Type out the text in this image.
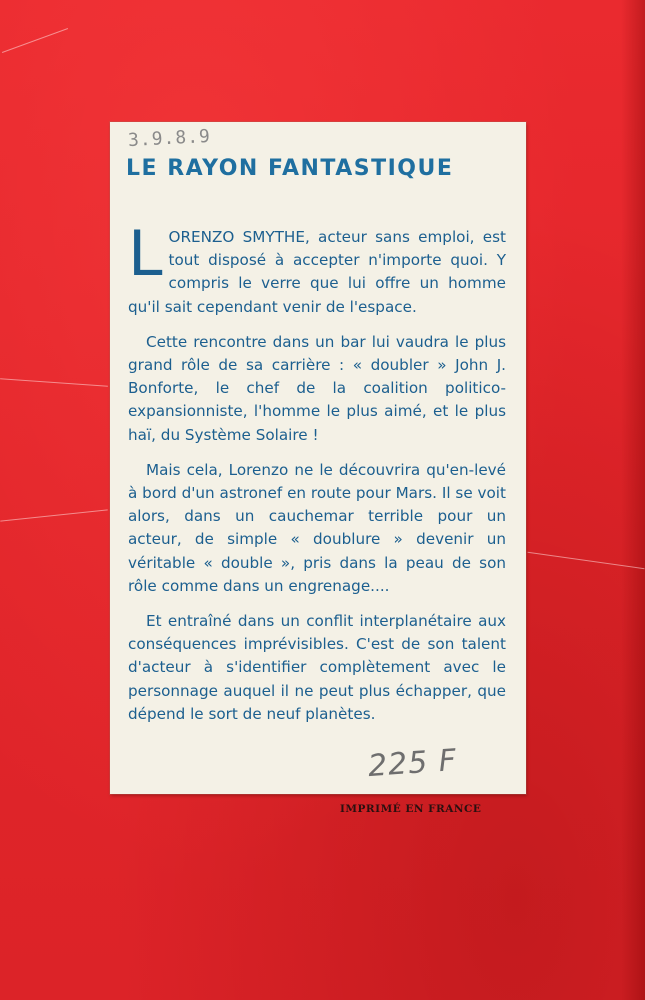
3.9.8.9
LE RAYON FANTASTIQUE

LORENZO SMYTHE, acteur sans emploi, est tout disposé à accepter n'importe quoi. Y compris le verre que lui offre un homme qu'il sait cependant venir de l'espace.

Cette rencontre dans un bar lui vaudra le plus grand rôle de sa carrière : « doubler » John J. Bonforte, le chef de la coalition politico-expansionniste, l'homme le plus aimé, et le plus haï, du Système Solaire !

Mais cela, Lorenzo ne le découvrira qu'en-levé à bord d'un astronef en route pour Mars. Il se voit alors, dans un cauchemar terrible pour un acteur, de simple « doublure » devenir un véritable « double », pris dans la peau de son rôle comme dans un engrenage....

Et entraîné dans un conflit interplanétaire aux conséquences imprévisibles. C'est de son talent d'acteur à s'identifier complètement avec le personnage auquel il ne peut plus échapper, que dépend le sort de neuf planètes.

225 F
IMPRIMÉ EN FRANCE
